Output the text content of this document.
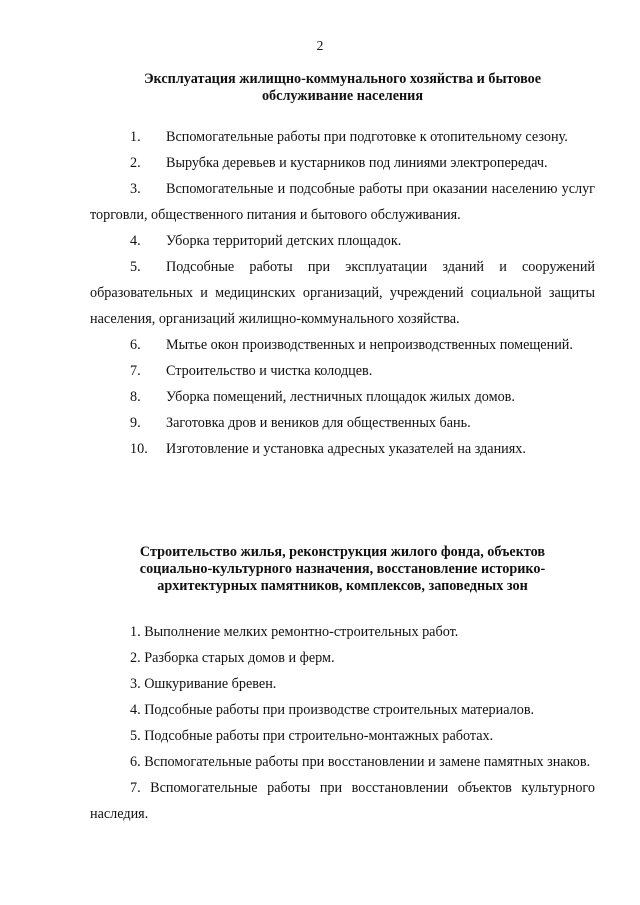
2
Эксплуатация жилищно-коммунального хозяйства и бытовое
обслуживание населения
1. Вспомогательные работы при подготовке к отопительному сезону.
2. Вырубка деревьев и кустарников под линиями электропередач.
3. Вспомогательные и подсобные работы при оказании населению услуг торговли, общественного питания и бытового обслуживания.
4. Уборка территорий детских площадок.
5. Подсобные работы при эксплуатации зданий и сооружений образовательных и медицинских организаций, учреждений социальной защиты населения, организаций жилищно-коммунального хозяйства.
6. Мытье окон производственных и непроизводственных помещений.
7. Строительство и чистка колодцев.
8. Уборка помещений, лестничных площадок жилых домов.
9. Заготовка дров и веников для общественных бань.
10. Изготовление и установка адресных указателей на зданиях.
Строительство жилья, реконструкция жилого фонда, объектов
социально-культурного назначения, восстановление историко-
архитектурных памятников, комплексов, заповедных зон

1. Выполнение мелких ремонтно-строительных работ.

2. Разборка старых домов и ферм.

3. Ошкуривание бревен.

4. Подсобные работы при производстве строительных материалов.

5. Подсобные работы при строительно-монтажных работах.

6. Вспомогательные работы при восстановлении и замене памятных знаков.

7. Вспомогательные работы при восстановлении объектов культурного наследия.
